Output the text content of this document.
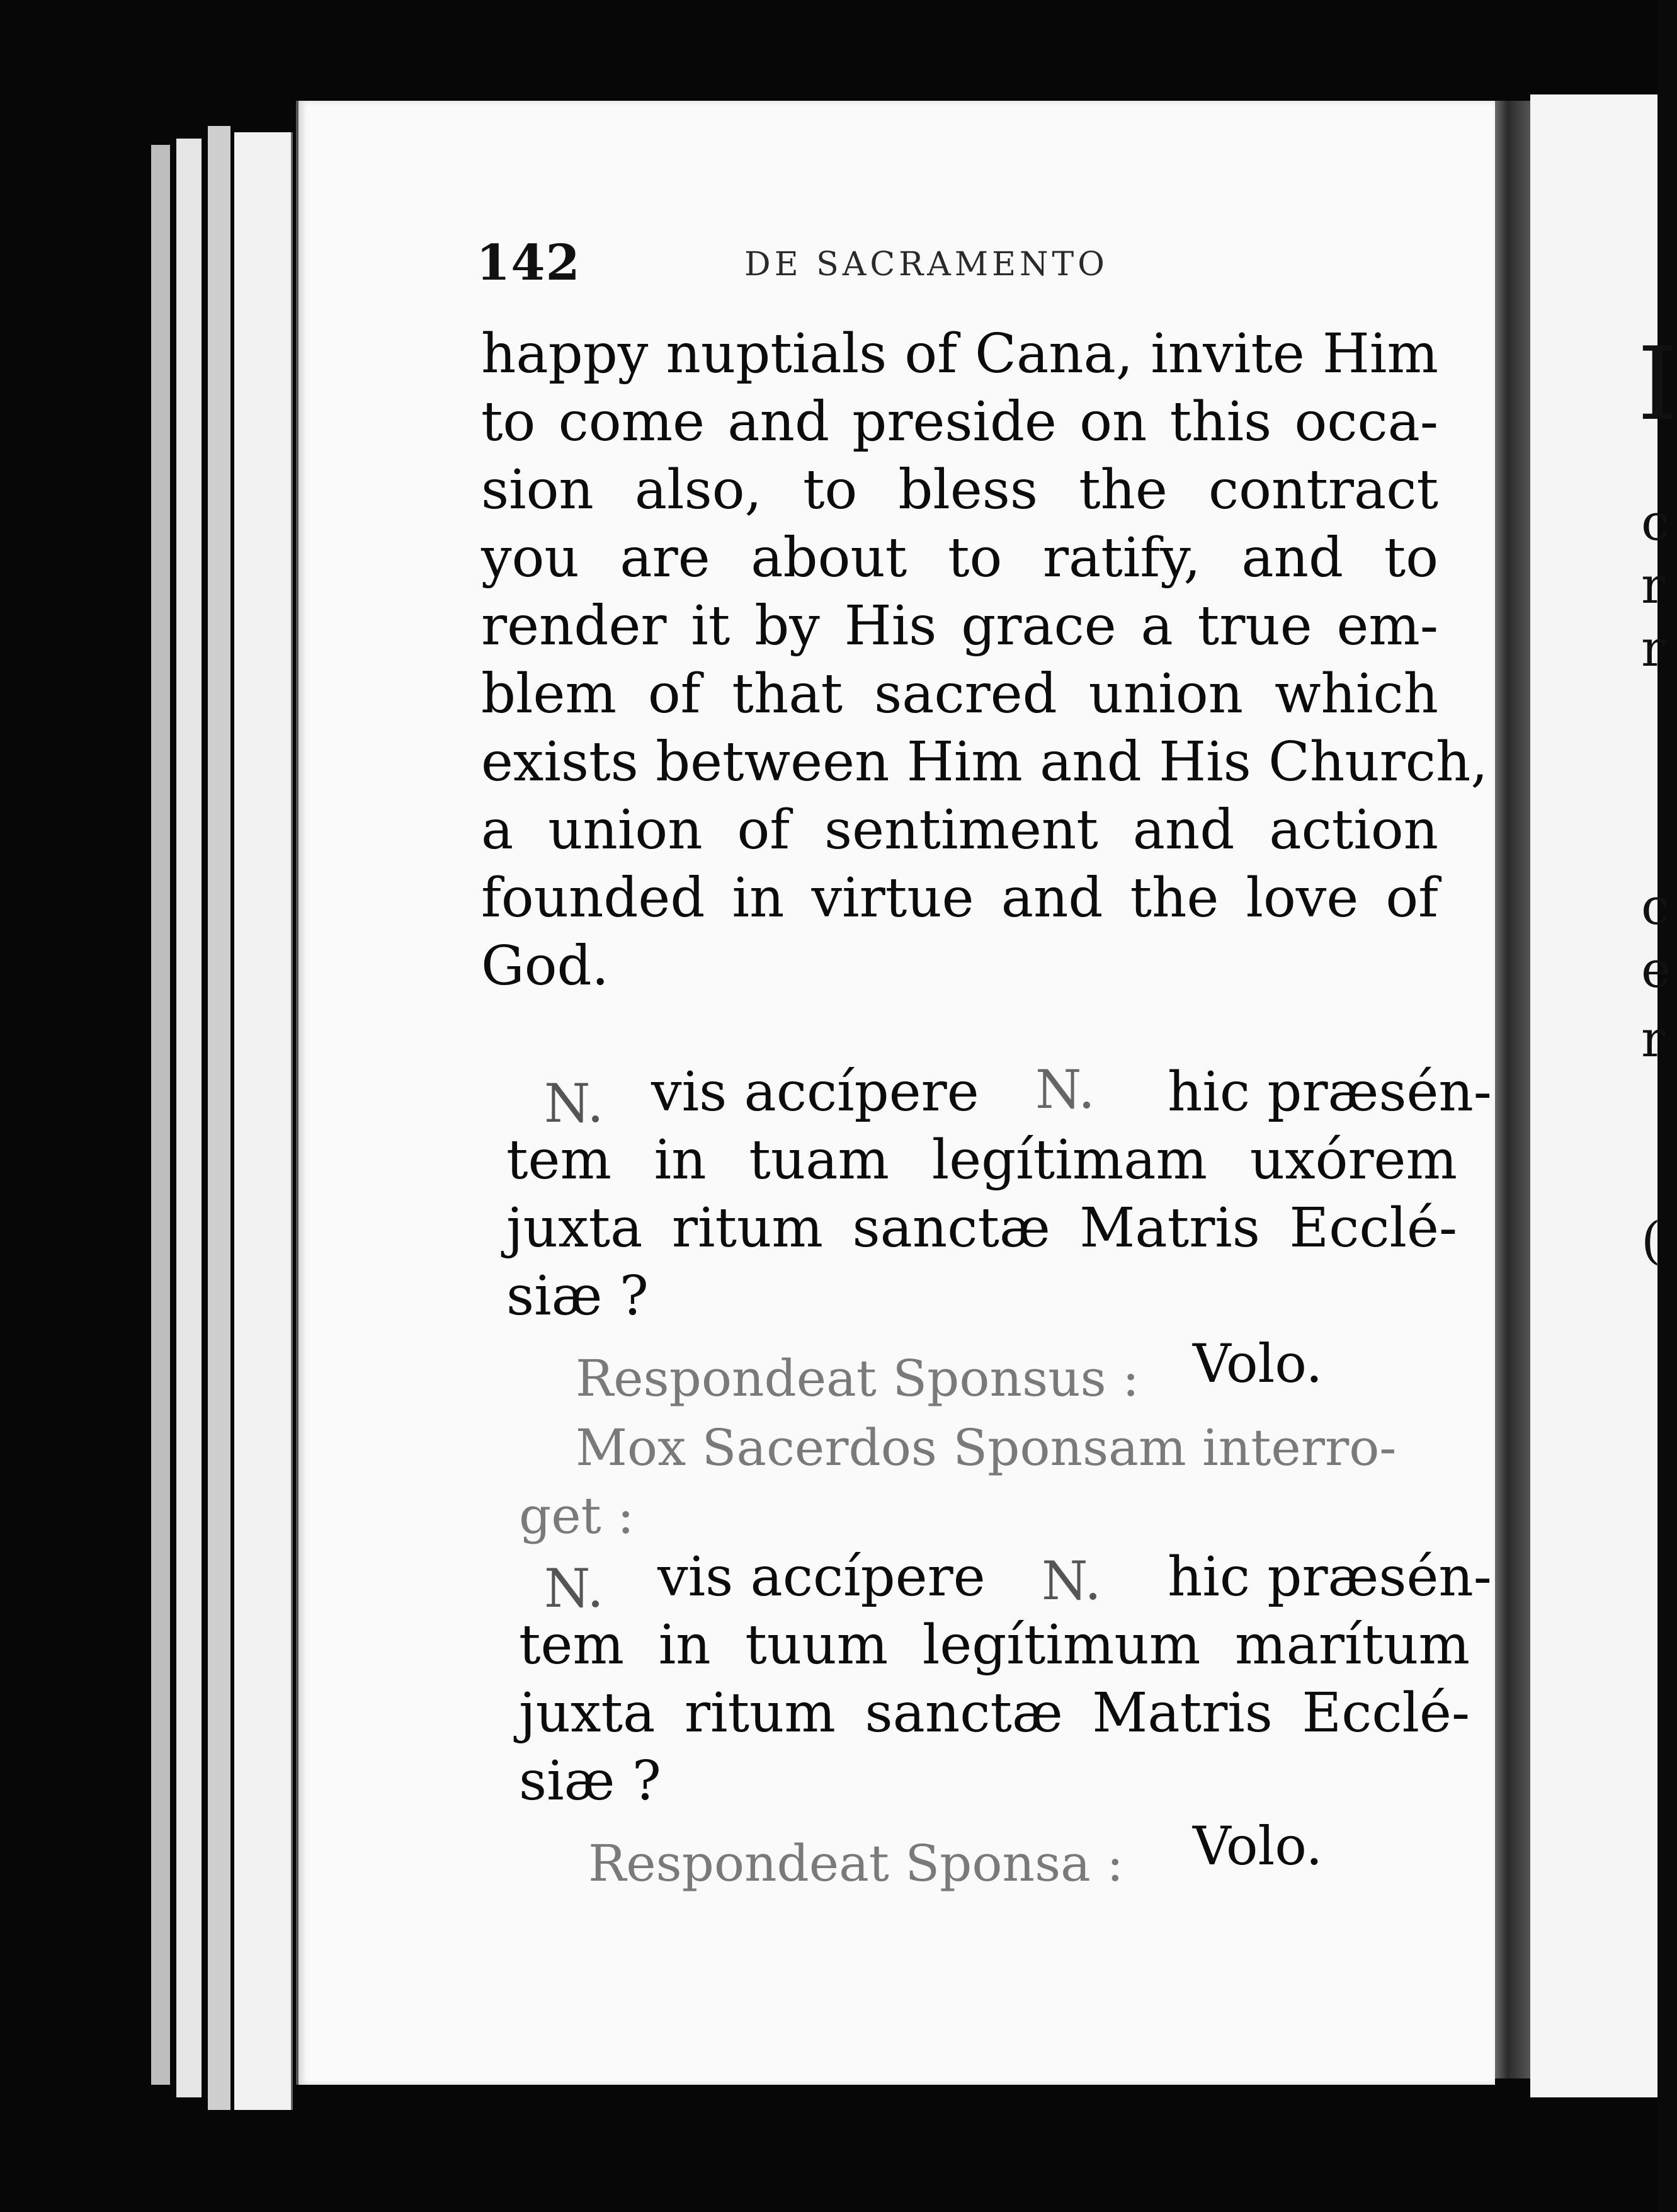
I
c
r
r
c
e
r
(
142	DE SACRAMENTO
happy nuptials of Cana, invite Him
to come and preside on this occa-
sion also, to bless the contract
you are about to ratify, and to
render it by His grace a true em-
blem of that sacred union which
exists between Him and His Church,
a union of sentiment and action
founded in virtue and the love of
God.
N. vis accípere N. hic præsén-
tem in tuam legítimam uxórem
juxta ritum sanctæ Matris Ecclé-
siæ ?
Respondeat Sponsus : Volo.
Mox Sacerdos Sponsam interro-
get :
N. vis accípere N. hic præsén-
tem in tuum legítimum marítum
juxta ritum sanctæ Matris Ecclé-
siæ ?
Respondeat Sponsa : Volo.
